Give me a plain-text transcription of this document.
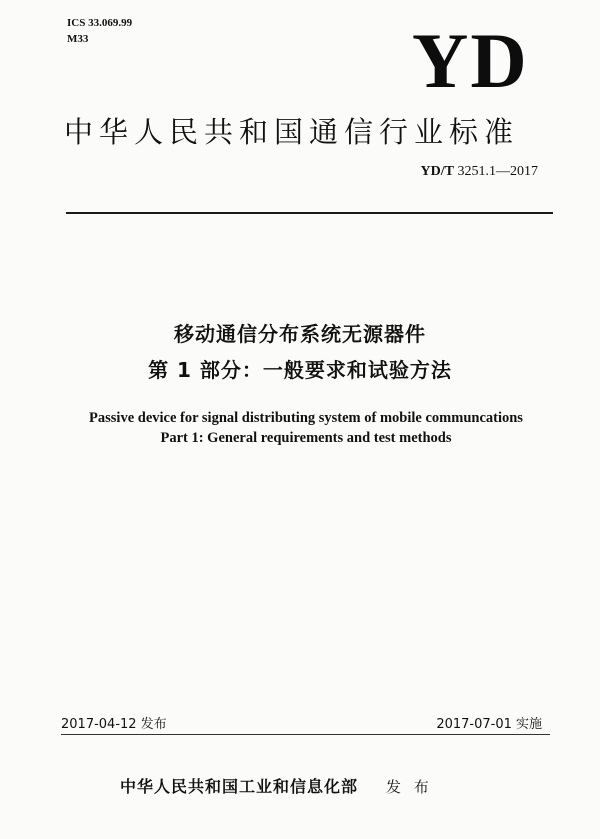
ICS 33.069.99
M33	YD
中华人民共和国通信行业标准
YD/T 3251.1—2017
移动通信分布系统无源器件
第 1 部分：一般要求和试验方法
Passive device for signal distributing system of mobile communcations
Part 1: General requirements and test methods
2017-04-12 发布	2017-07-01 实施
中华人民共和国工业和信息化部 发 布
